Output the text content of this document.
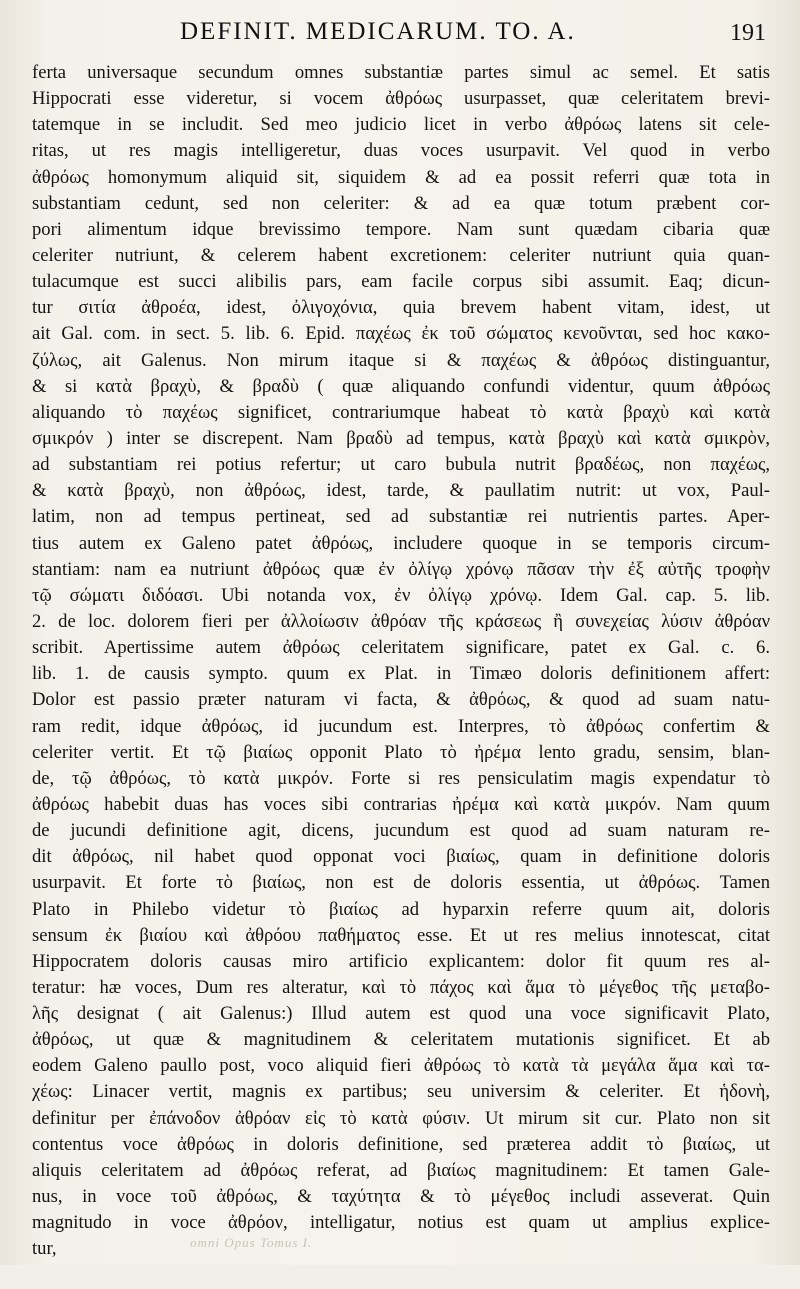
DEFINIT. MEDICARUM. TO. A.	191
ferta universaque secundum omnes substantiæ partes simul ac semel. Et satis
Hippocrati esse videretur, si vocem ἀθρόως usurpasset, quæ celeritatem brevi-
tatemque in se includit. Sed meo judicio licet in verbo ἀθρόως latens sit cele-
ritas, ut res magis intelligeretur, duas voces usurpavit. Vel quod in verbo
ἀθρόως homonymum aliquid sit, siquidem & ad ea possit referri quæ tota in
substantiam cedunt, sed non celeriter: & ad ea quæ totum præbent cor-
pori alimentum idque brevissimo tempore. Nam sunt quædam cibaria quæ
celeriter nutriunt, & celerem habent excretionem: celeriter nutriunt quia quan-
tulacumque est succi alibilis pars, eam facile corpus sibi assumit. Eaq; dicun-
tur σιτία ἀθροέα, idest, ὀλιγοχόνια, quia brevem habent vitam, idest, ut
ait Gal. com. in sect. 5. lib. 6. Epid. παχέως ἐκ τοῦ σώματος κενοῦνται, sed hoc κακο-
ζύλως, ait Galenus. Non mirum itaque si & παχέως & ἀθρόως distinguantur,
& si κατὰ βραχὺ, & βραδὺ ( quæ aliquando confundi videntur, quum ἀθρόως
aliquando τὸ παχέως significet, contrariumque habeat τὸ κατὰ βραχὺ καὶ κατὰ
σμικρόν ) inter se discrepent. Nam βραδὺ ad tempus, κατὰ βραχὺ καὶ κατὰ σμικρὸν,
ad substantiam rei potius refertur; ut caro bubula nutrit βραδέως, non παχέως,
& κατὰ βραχὺ, non ἀθρόως, idest, tarde, & paullatim nutrit: ut vox, Paul-
latim, non ad tempus pertineat, sed ad substantiæ rei nutrientis partes. Aper-
tius autem ex Galeno patet ἀθρόως, includere quoque in se temporis circum-
stantiam: nam ea nutriunt ἀθρόως quæ ἐν ὀλίγῳ χρόνῳ πᾶσαν τὴν ἐξ αὐτῆς τροφὴν
τῷ σώματι διδόασι. Ubi notanda vox, ἐν ὀλίγῳ χρόνῳ. Idem Gal. cap. 5. lib.
2. de loc. dolorem fieri per ἀλλοίωσιν ἀθρόαν τῆς κράσεως ἢ συνεχείας λύσιν ἀθρόαν
scribit. Apertissime autem ἀθρόως celeritatem significare, patet ex Gal. c. 6.
lib. 1. de causis sympto. quum ex Plat. in Timæo doloris definitionem affert:
Dolor est passio præter naturam vi facta, & ἀθρόως, & quod ad suam natu-
ram redit, idque ἀθρόως, id jucundum est. Interpres, τὸ ἀθρόως confertim &
celeriter vertit. Et τῷ βιαίως opponit Plato τὸ ἠρέμα lento gradu, sensim, blan-
de, τῷ ἀθρόως, τὸ κατὰ μικρόν. Forte si res pensiculatim magis expendatur τὸ
ἀθρόως habebit duas has voces sibi contrarias ἠρέμα καὶ κατὰ μικρόν. Nam quum
de jucundi definitione agit, dicens, jucundum est quod ad suam naturam re-
dit ἀθρόως, nil habet quod opponat voci βιαίως, quam in definitione doloris
usurpavit. Et forte τὸ βιαίως, non est de doloris essentia, ut ἀθρόως. Tamen
Plato in Philebo videtur τὸ βιαίως ad hyparxin referre quum ait, doloris
sensum ἐκ βιαίου καὶ ἀθρόου παθήματος esse. Et ut res melius innotescat, citat
Hippocratem doloris causas miro artificio explicantem: dolor fit quum res al-
teratur: hæ voces, Dum res alteratur, καὶ τὸ πάχος καὶ ἅμα τὸ μέγεθος τῆς μεταβο-
λῆς designat ( ait Galenus:) Illud autem est quod una voce significavit Plato,
ἀθρόως, ut quæ & magnitudinem & celeritatem mutationis significet. Et ab
eodem Galeno paullo post, voco aliquid fieri ἀθρόως τὸ κατὰ τὰ μεγάλα ἅμα καὶ τα-
χέως: Linacer vertit, magnis ex partibus; seu universim & celeriter. Et ἡδονὴ,
definitur per ἐπάνοδον ἀθρόαν εἰς τὸ κατὰ φύσιν. Ut mirum sit cur. Plato non sit
contentus voce ἀθρόως in doloris definitione, sed præterea addit τὸ βιαίως, ut
aliquis celeritatem ad ἀθρόως referat, ad βιαίως magnitudinem: Et tamen Gale-
nus, in voce τοῦ ἀθρόως, & ταχύτητα & τὸ μέγεθος includi asseverat. Quin
magnitudo in voce ἀθρόον, intelligatur, notius est quam ut amplius explice-
tur,	omni Opus Tomus I.
